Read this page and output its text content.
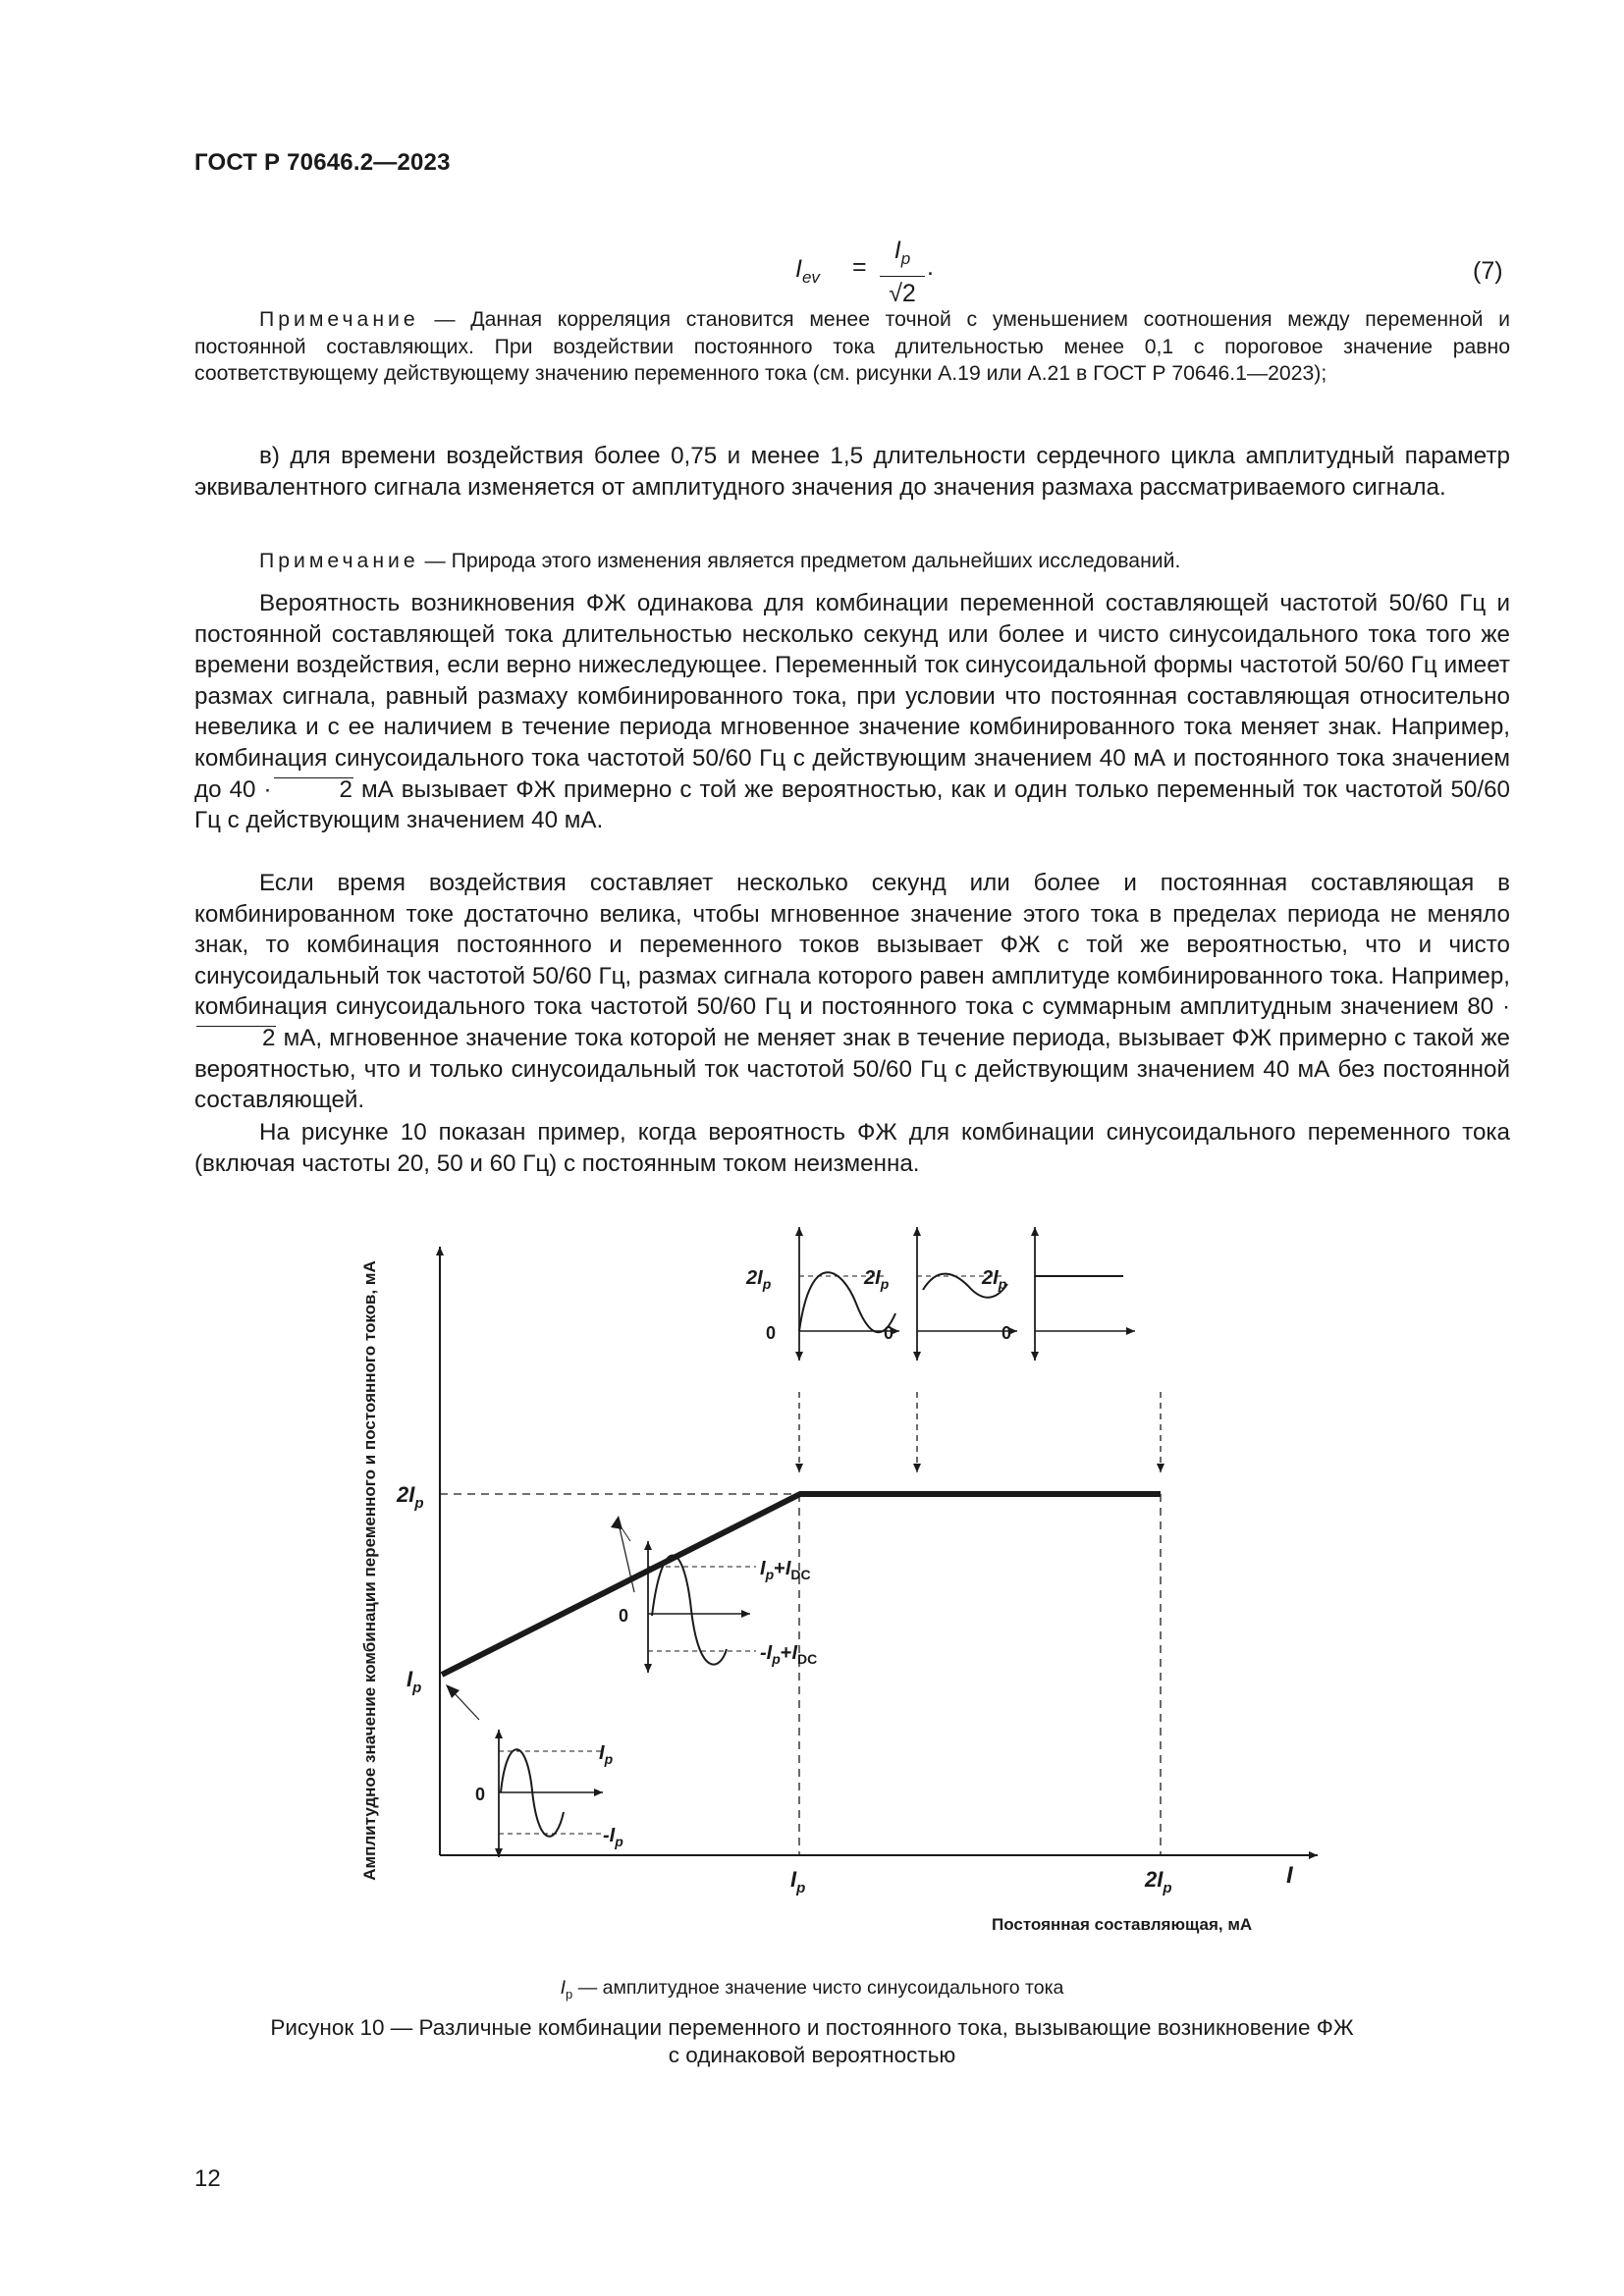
ГОСТ Р 70646.2—2023
$I_{ev}$ =
$I_p$
√2
.	(7)

Примечание — Данная корреляция становится менее точной с уменьшением соотношения между переменной и постоянной составляющих. При воздействии постоянного тока длительностью менее 0,1 с пороговое значение равно соответствующему действующему значению переменного тока (см. рисунки А.19 или А.21 в ГОСТ Р 70646.1—2023);

в) для времени воздействия более 0,75 и менее 1,5 длительности сердечного цикла амплитудный параметр эквивалентного сигнала изменяется от амплитудного значения до значения размаха рассматриваемого сигнала.

Примечание — Природа этого изменения является предметом дальнейших исследований.

Вероятность возникновения ФЖ одинакова для комбинации переменной составляющей частотой 50/60 Гц и постоянной составляющей тока длительностью несколько секунд или более и чисто синусоидального тока того же времени воздействия, если верно нижеследующее. Переменный ток синусоидальной формы частотой 50/60 Гц имеет размах сигнала, равный размаху комбинированного тока, при условии что постоянная составляющая относительно невелика и с ее наличием в течение периода мгновенное значение комбинированного тока меняет знак. Например, комбинация синусоидального тока частотой 50/60 Гц с действующим значением 40 мА и постоянного тока значением до 40 ·	2 мА вызывает ФЖ примерно с той же вероятностью, как и один только переменный ток частотой 50/60 Гц с действующим значением 40 мА.

Если время воздействия составляет несколько секунд или более и постоянная составляющая в комбинированном токе достаточно велика, чтобы мгновенное значение этого тока в пределах периода не меняло знак, то комбинация постоянного и переменного токов вызывает ФЖ с той же вероятностью, что и чисто синусоидальный ток частотой 50/60 Гц, размах сигнала которого равен амплитуде комбинированного тока. Например, комбинация синусоидального тока частотой 50/60 Гц и постоянного тока с суммарным амплитудным значением 80 ·2 мА, мгновенное значение тока которой не меняет знак в течение периода, вызывает ФЖ примерно с такой же вероятностью, что и только синусоидальный ток частотой 50/60 Гц с действующим значением 40 мА без постоянной составляющей.

На рисунке 10 показан пример, когда вероятность ФЖ для комбинации синусоидального переменного тока (включая частоты 20, 50 и 60 Гц) с постоянным током неизменна.

Амплитудное значение комбинации переменного и постоянного токов, мА $2I_p$
$I_p$
$I_p$	$2I_p$	I
Постоянная составляющая, мА
$2I_p$
0
$2I_p$
0
$2I_p$
0
0
$I_p+I_{DC}$
$-I_p+I_{DC}$
0
$I_p$
$-I_p$
$I_p$ — амплитудное значение чисто синусоидального тока
Рисунок 10 — Различные комбинации переменного и постоянного тока, вызывающие возникновение ФЖ
с одинаковой вероятностью
12
